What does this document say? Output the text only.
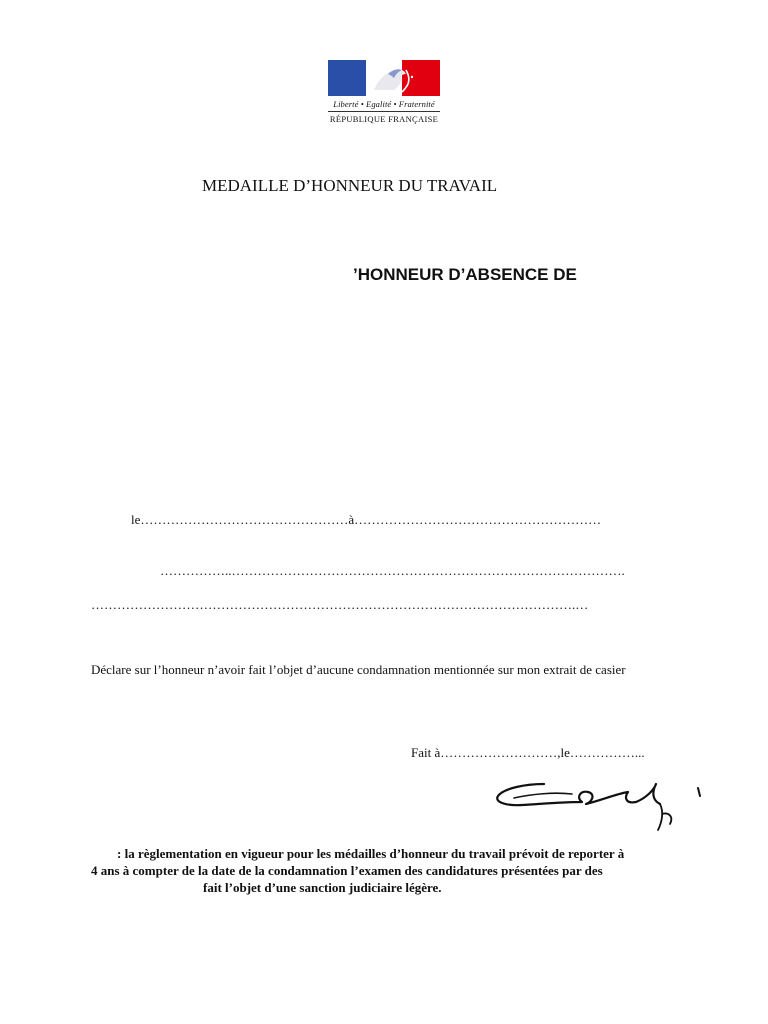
Liberté • Egalité • Fraternité
RÉPUBLIQUE FRANÇAISE
MEDAILLE D’HONNEUR DU TRAVAIL
’HONNEUR D’ABSENCE DE
le…………………………………………à…………………………………………………
……………..……………………………………………………………………………….
………………………………………………………………………………………………….…
Déclare sur l’honneur n’avoir fait l’objet d’aucune condamnation mentionnée sur mon extrait de casier
Fait à………………………,le……………...
: la règlementation en vigueur pour les médailles d’honneur du travail prévoit de reporter à
4 ans à compter de la date de la condamnation l’examen des candidatures présentées par des
fait l’objet d’une sanction judiciaire légère.
